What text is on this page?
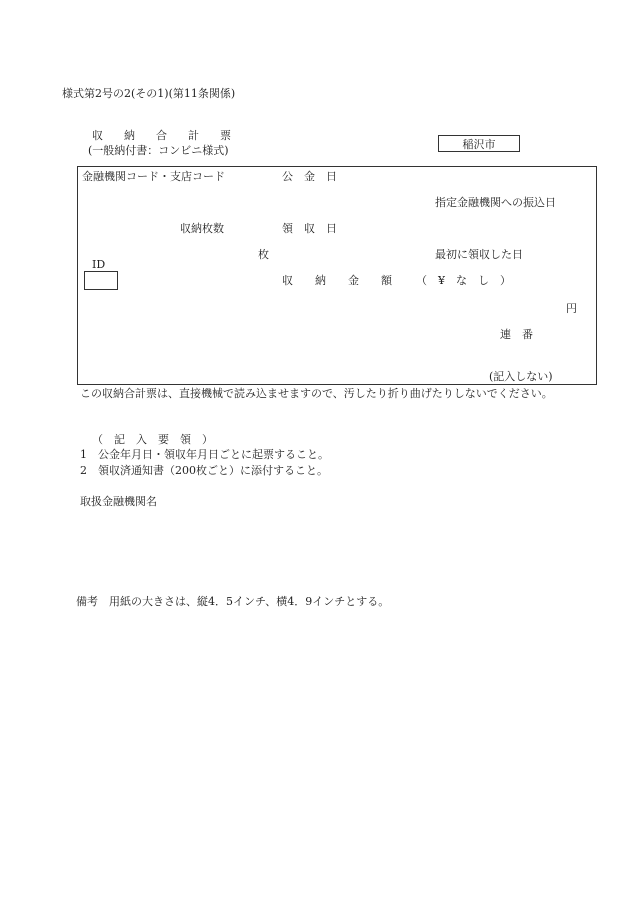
様式第2号の2(その1)(第11条関係)
収　納　合　計　票
(一般納付書：コンビニ様式)	稲沢市
金融機関コード・支店コード	公　金　日
指定金融機関への振込日
収納枚数	領　収　日
枚	最初に領収した日
ID
収　　納　　金　　額 （　¥　な　し　）
円
連　番
(記入しない)
この収納合計票は、直接機械で読み込ませますので、汚したり折り曲げたりしないでください。
（　記　入　要　領　）
1　公金年月日・領収年月日ごとに起票すること。
2　領収済通知書（200枚ごと）に添付すること。
取扱金融機関名
備考　用紙の大きさは、縦4．5インチ、横4．9インチとする。
